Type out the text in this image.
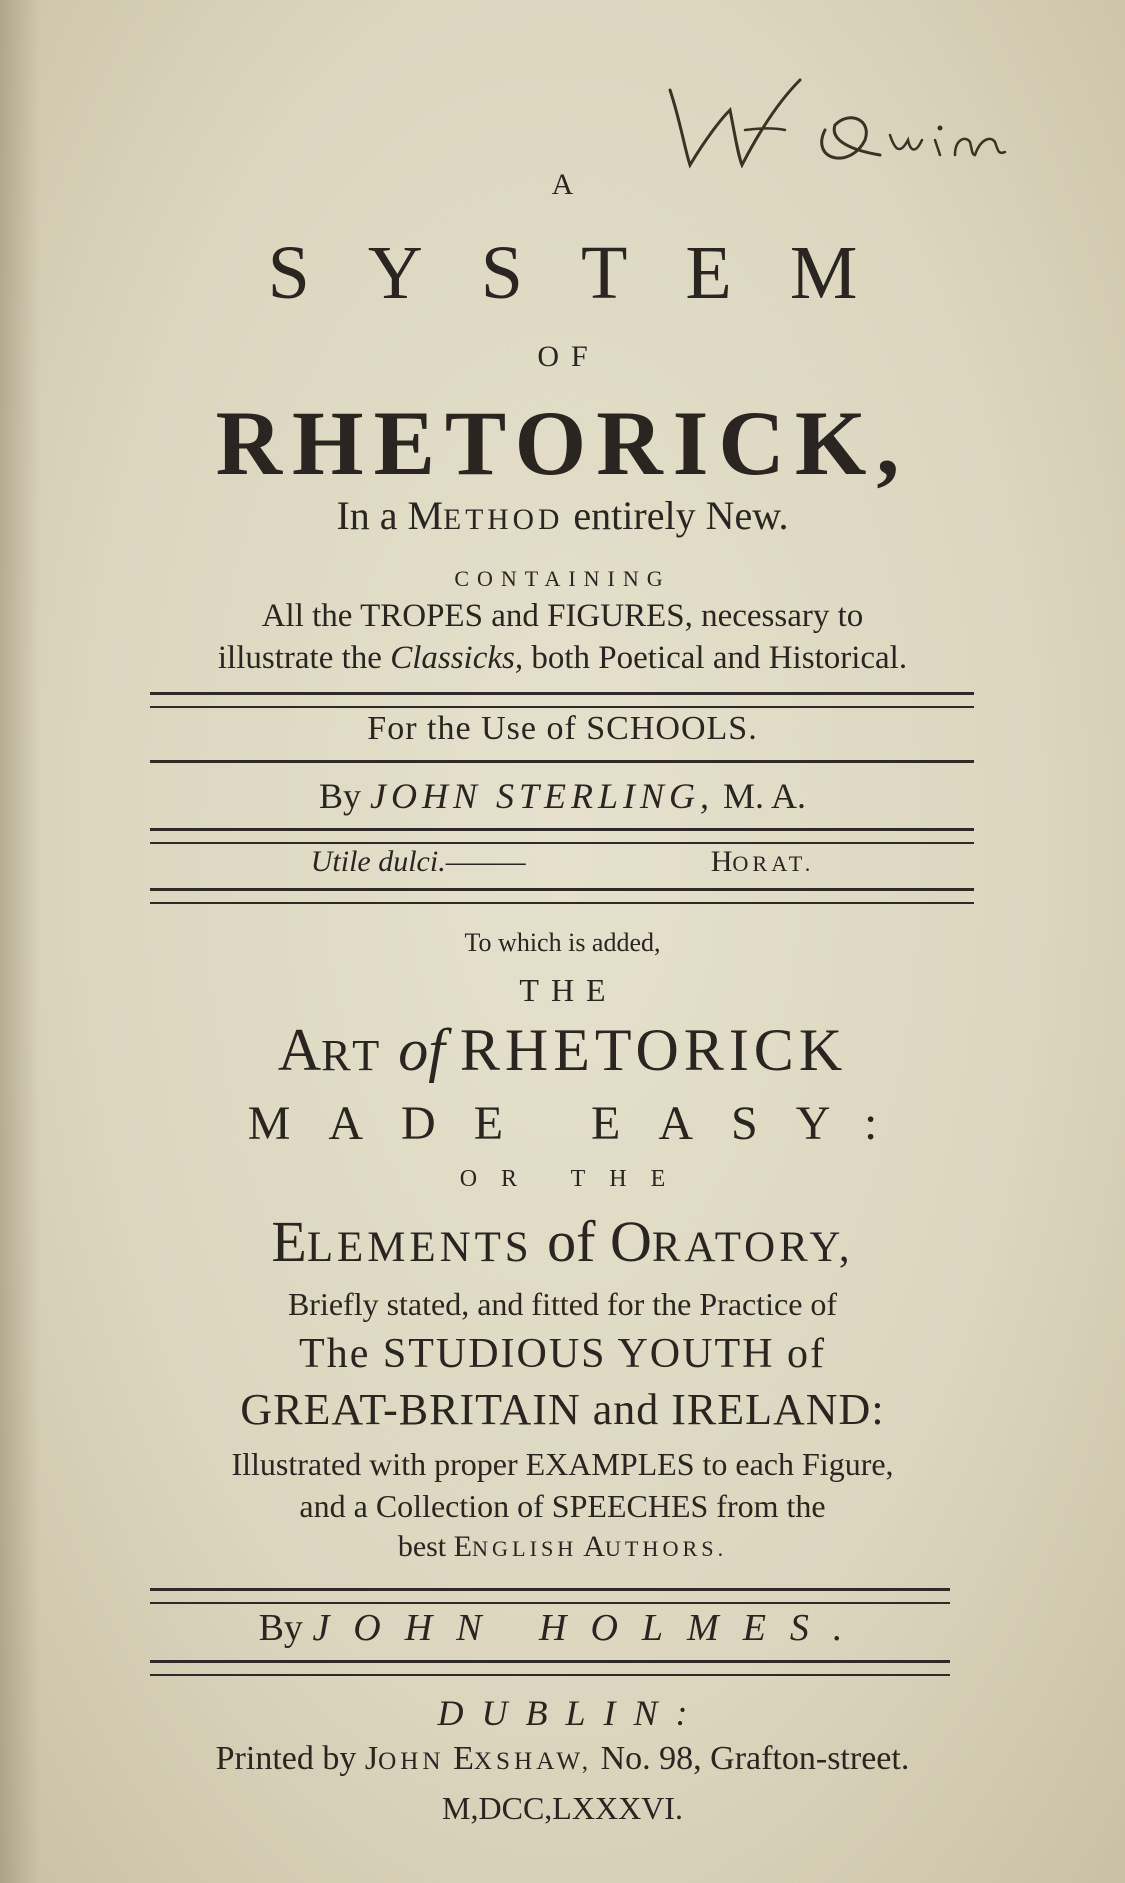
A
SYSTEM
OF
RHETORICK,
In a METHOD entirely New.
CONTAINING
All the TROPES and FIGURES, necessary to
illustrate the Classicks, both Poetical and Historical.
For the Use of SCHOOLS.
By JOHN STERLING, M. A.
Utile dulci.———	HORAT.
To which is added,
THE
ART of RHETORICK
MADE EASY:
OR THE
ELEMENTS of ORATORY,
Briefly stated, and fitted for the Practice of
The STUDIOUS YOUTH of
GREAT-BRITAIN and IRELAND:
Illustrated with proper EXAMPLES to each Figure,
and a Collection of SPEECHES from the
best ENGLISH AUTHORS.
By JOHN HOLMES.
DUBLIN:
Printed by JOHN EXSHAW, No. 98, Grafton-street.
M,DCC,LXXXVI.
